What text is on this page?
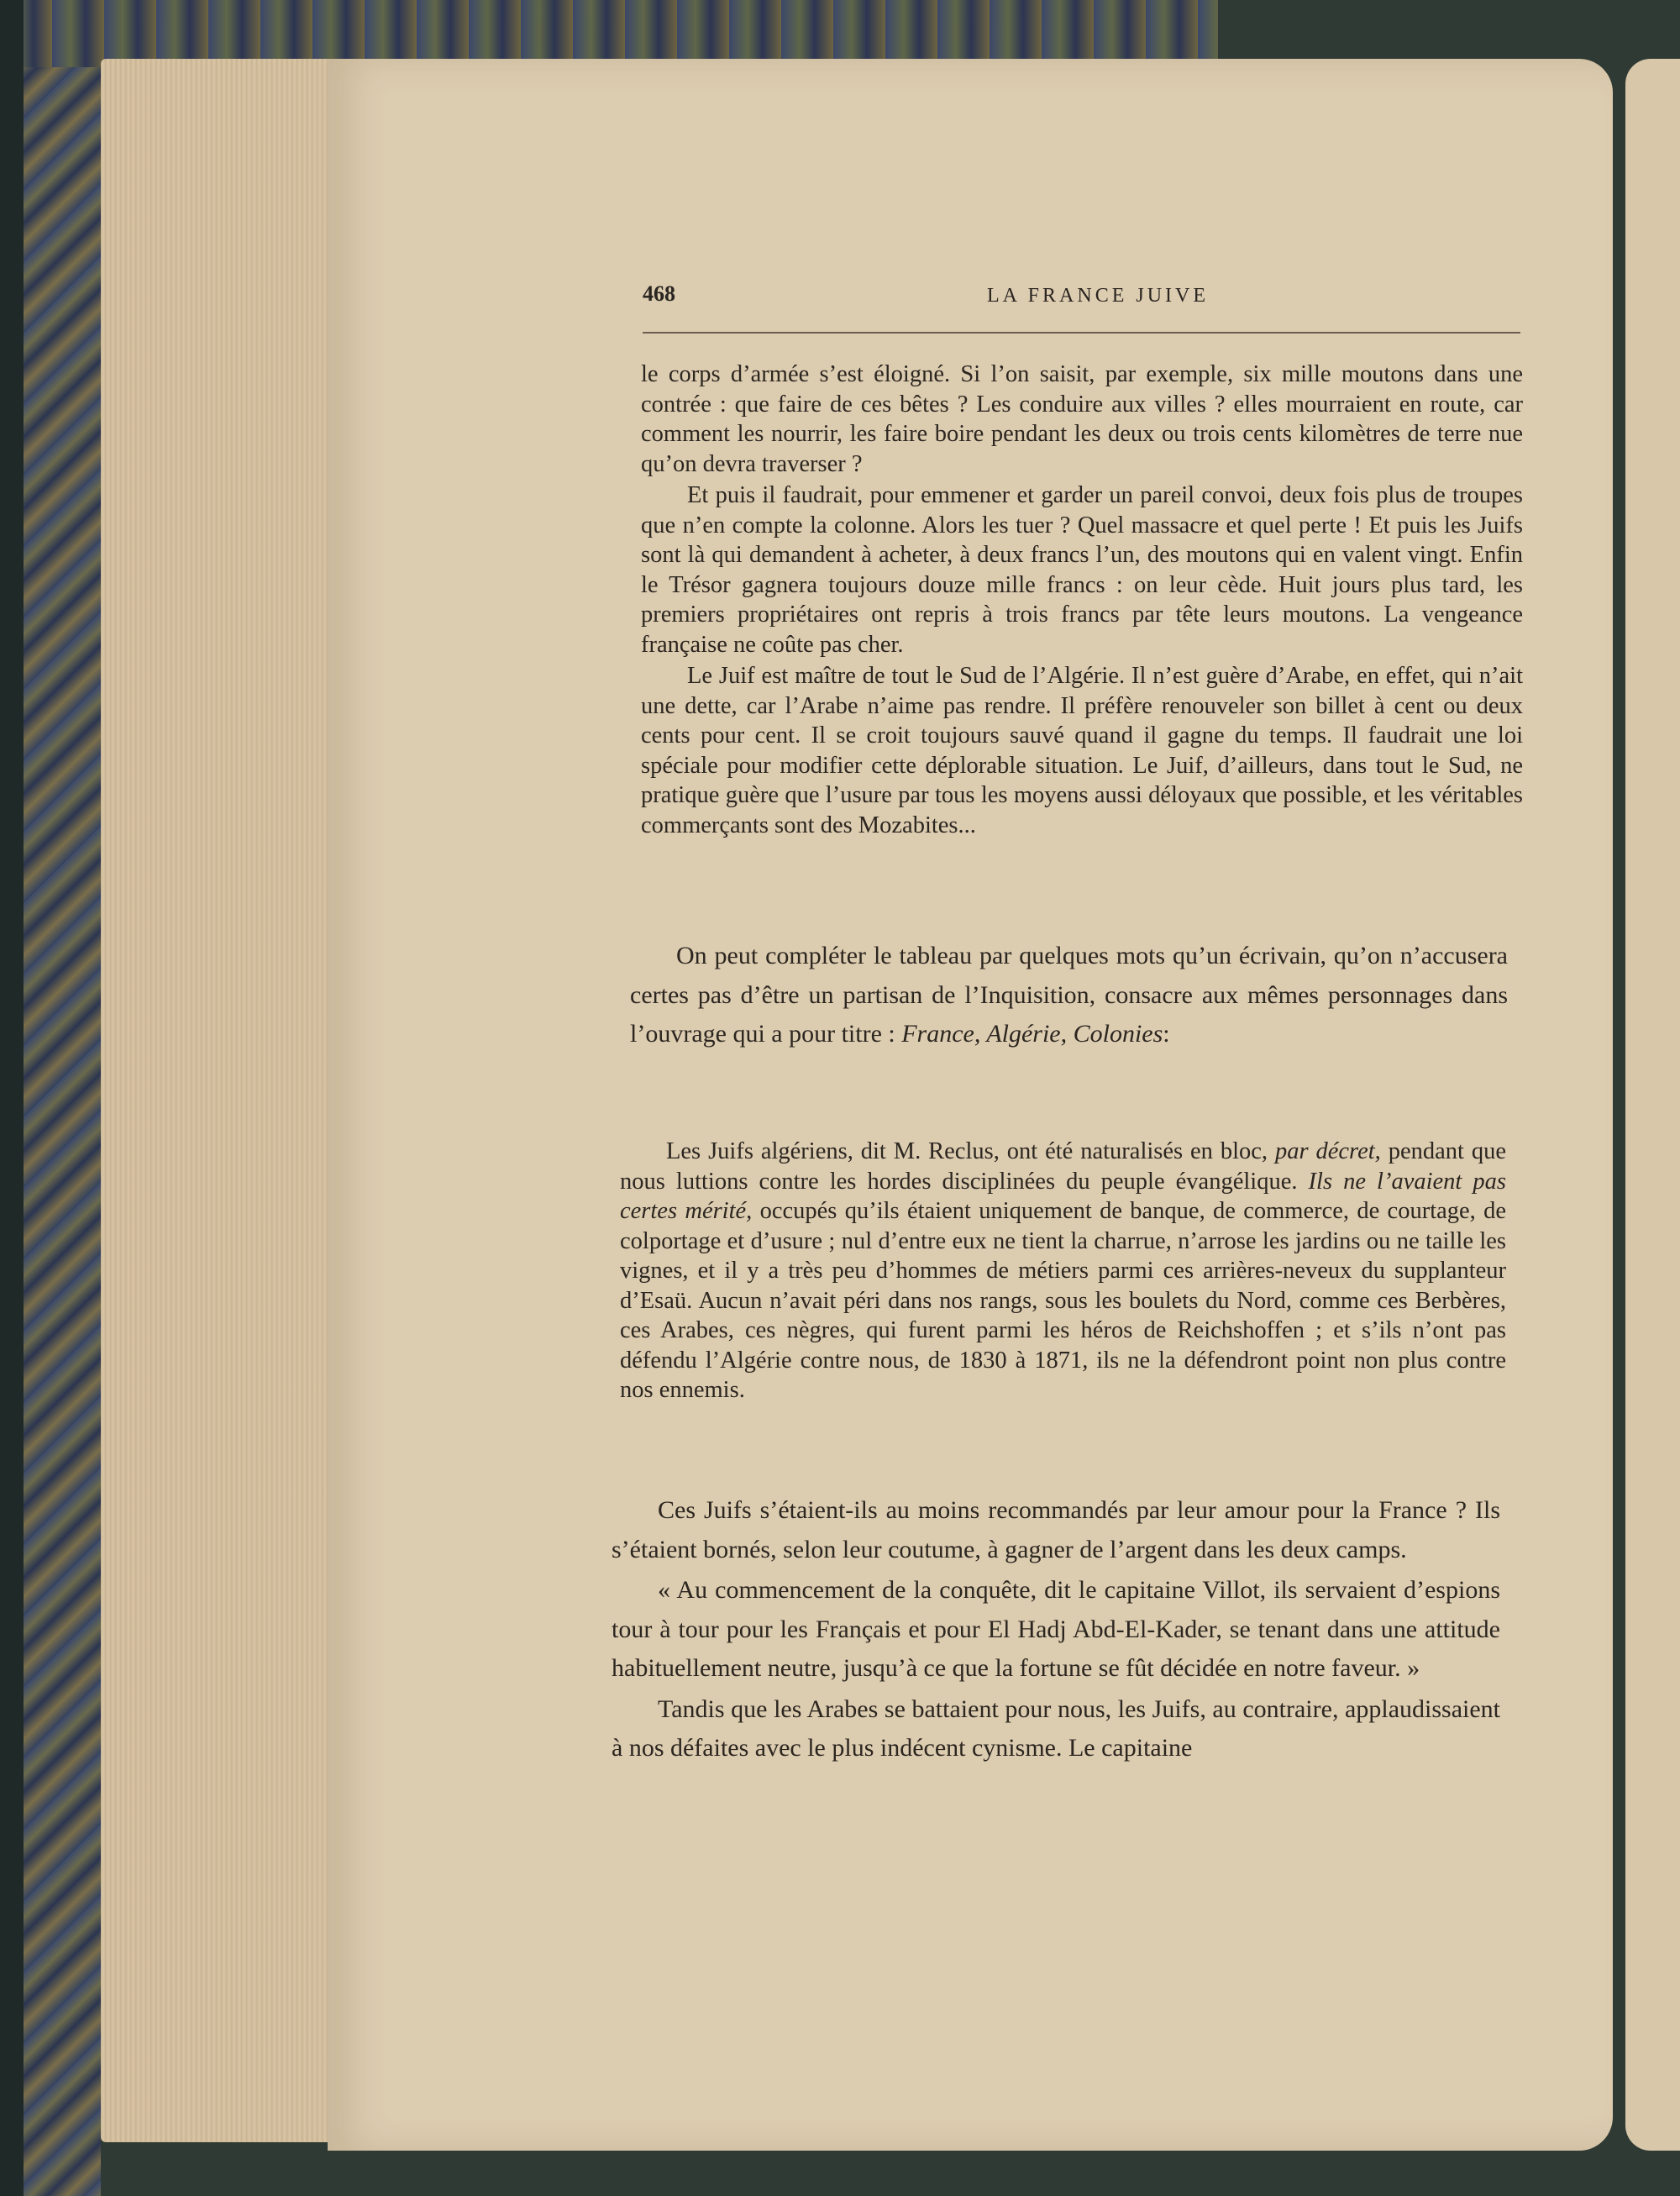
468	LA FRANCE JUIVE

le corps d’armée s’est éloigné. Si l’on saisit, par exemple, six mille moutons dans une contrée : que faire de ces bêtes ? Les conduire aux villes ? elles mourraient en route, car comment les nourrir, les faire boire pendant les deux ou trois cents kilomètres de terre nue qu’on devra traverser ?

Et puis il faudrait, pour emmener et garder un pareil convoi, deux fois plus de troupes que n’en compte la colonne. Alors les tuer ? Quel massacre et quel perte ! Et puis les Juifs sont là qui demandent à acheter, à deux francs l’un, des moutons qui en valent vingt. Enfin le Trésor gagnera toujours douze mille francs : on leur cède. Huit jours plus tard, les premiers propriétaires ont repris à trois francs par tête leurs moutons. La vengeance française ne coûte pas cher.

Le Juif est maître de tout le Sud de l’Algérie. Il n’est guère d’Arabe, en effet, qui n’ait une dette, car l’Arabe n’aime pas rendre. Il préfère renouveler son billet à cent ou deux cents pour cent. Il se croit toujours sauvé quand il gagne du temps. Il faudrait une loi spéciale pour modifier cette déplorable situation. Le Juif, d’ailleurs, dans tout le Sud, ne pratique guère que l’usure par tous les moyens aussi déloyaux que possible, et les véritables commerçants sont des Mozabites...

On peut compléter le tableau par quelques mots qu’un écrivain, qu’on n’accusera certes pas d’être un partisan de l’Inquisition, consacre aux mêmes personnages dans l’ouvrage qui a pour titre : France, Algérie, Colonies:

Les Juifs algériens, dit M. Reclus, ont été naturalisés en bloc, par décret, pendant que nous luttions contre les hordes disciplinées du peuple évangélique. Ils ne l’avaient pas certes mérité, occupés qu’ils étaient uniquement de banque, de commerce, de courtage, de colportage et d’usure ; nul d’entre eux ne tient la charrue, n’arrose les jardins ou ne taille les vignes, et il y a très peu d’hommes de métiers parmi ces arrières-neveux du supplanteur d’Esaü. Aucun n’avait péri dans nos rangs, sous les boulets du Nord, comme ces Berbères, ces Arabes, ces nègres, qui furent parmi les héros de Reichshoffen ; et s’ils n’ont pas défendu l’Algérie contre nous, de 1830 à 1871, ils ne la défendront point non plus contre nos ennemis.

Ces Juifs s’étaient-ils au moins recommandés par leur amour pour la France ? Ils s’étaient bornés, selon leur coutume, à gagner de l’argent dans les deux camps.

« Au commencement de la conquête, dit le capitaine Villot, ils servaient d’espions tour à tour pour les Français et pour El Hadj Abd-El-Kader, se tenant dans une attitude habituellement neutre, jusqu’à ce que la fortune se fût décidée en notre faveur. »

Tandis que les Arabes se battaient pour nous, les Juifs, au contraire, applaudissaient à nos défaites avec le plus indécent cynisme. Le capitaine
